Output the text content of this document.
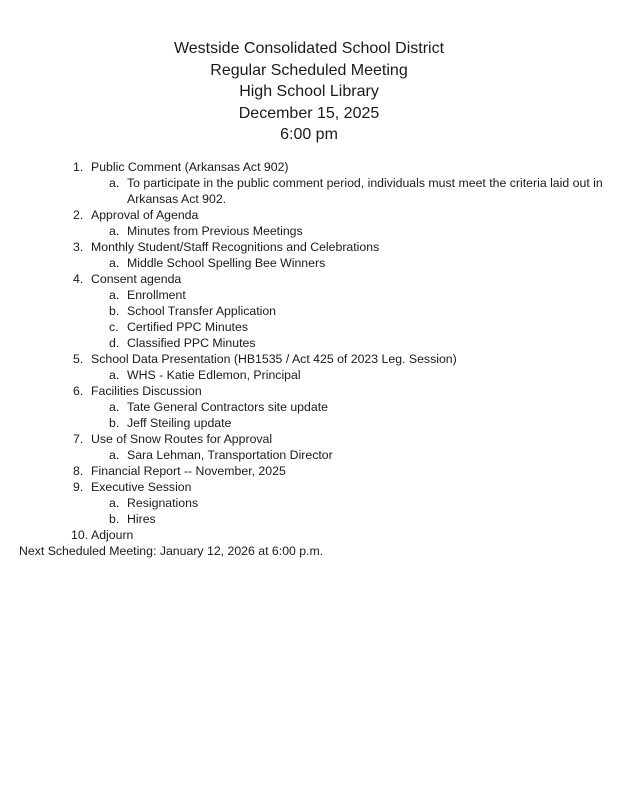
Westside Consolidated School District
Regular Scheduled Meeting
High School Library
December 15, 2025
6:00 pm
1. Public Comment (Arkansas Act 902)
a. To participate in the public comment period, individuals must meet the criteria laid out in
Arkansas Act 902.
2. Approval of Agenda
a. Minutes from Previous Meetings
3. Monthly Student/Staff Recognitions and Celebrations
a. Middle School Spelling Bee Winners
4. Consent agenda
a. Enrollment
b. School Transfer Application
c. Certified PPC Minutes
d. Classified PPC Minutes
5. School Data Presentation (HB1535 / Act 425 of 2023 Leg. Session)
a. WHS - Katie Edlemon, Principal
6. Facilities Discussion
a. Tate General Contractors site update
b. Jeff Steiling update
7. Use of Snow Routes for Approval
a. Sara Lehman, Transportation Director
8. Financial Report -- November, 2025
9. Executive Session
a. Resignations
b. Hires
10. Adjourn
Next Scheduled Meeting: January 12, 2026 at 6:00 p.m.
